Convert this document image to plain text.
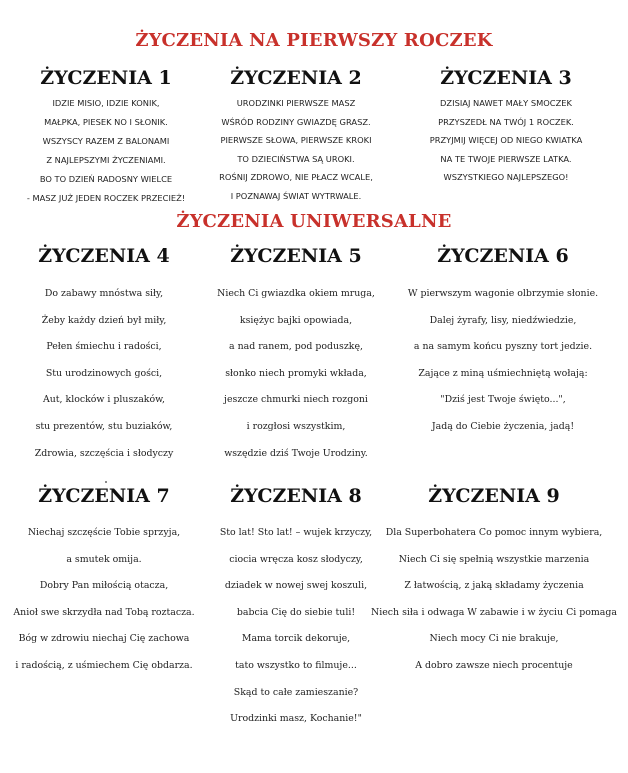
ŻYCZENIA NA PIERWSZY ROCZEK
ŻYCZENIA 1
IDZIE MISIO, IDZIE KONIK,
MAŁPKA, PIESEK NO I SŁONIK.
WSZYSCY RAZEM Z BALONAMI
Z NAJLEPSZYMI ŻYCZENIAMI.
BO TO DZIEŃ RADOSNY WIELCE
- MASZ JUŻ JEDEN ROCZEK PRZECIEŻ!
ŻYCZENIA 2
URODZINKI PIERWSZE MASZ
WŚRÓD RODZINY GWIAZDĘ GRASZ.
PIERWSZE SŁOWA, PIERWSZE KROKI
TO DZIECIŃSTWA SĄ UROKI.
ROŚNIJ ZDROWO, NIE PŁACZ WCALE,
I POZNAWAJ ŚWIAT WYTRWALE.
ŻYCZENIA 3
DZISIAJ NAWET MAŁY SMOCZEK
PRZYSZEDŁ NA TWÓJ 1 ROCZEK.
PRZYJMIJ WIĘCEJ OD NIEGO KWIATKA
NA TE TWOJE PIERWSZE LATKA.
WSZYSTKIEGO NAJLEPSZEGO!
ŻYCZENIA UNIWERSALNE
ŻYCZENIA 4
Do zabawy mnóstwa siły,
Żeby każdy dzień był miły,
Pełen śmiechu i radości,
Stu urodzinowych gości,
Aut, klocków i pluszaków,
stu prezentów, stu buziaków,
Zdrowia, szczęścia i słodyczy
ŻYCZENIA 5
Niech Ci gwiazdka okiem mruga,
księżyc bajki opowiada,
a nad ranem, pod poduszkę,
słonko niech promyki wkłada,
jeszcze chmurki niech rozgoni
i rozgłosi wszystkim,
wszędzie dziś Twoje Urodziny.
ŻYCZENIA 6
W pierwszym wagonie olbrzymie słonie.
Dalej żyrafy, lisy, niedźwiedzie,
a na samym końcu pyszny tort jedzie.
Zające z miną uśmiechniętą wołają:
"Dziś jest Twoje święto...",
Jadą do Ciebie życzenia, jadą!
ŻYCZENIA 7
Niechaj szczęście Tobie sprzyja,
a smutek omija.
Dobry Pan miłością otacza,
Anioł swe skrzydła nad Tobą roztacza.
Bóg w zdrowiu niechaj Cię zachowa
i radością, z uśmiechem Cię obdarza.
ŻYCZENIA 8
Sto lat! Sto lat! – wujek krzyczy,
ciocia wręcza kosz słodyczy,
dziadek w nowej swej koszuli,
babcia Cię do siebie tuli!
Mama torcik dekoruje,
tato wszystko to filmuje...
Skąd to całe zamieszanie?
Urodzinki masz, Kochanie!"
ŻYCZENIA 9
Dla Superbohatera Co pomoc innym wybiera,
Niech Ci się spełnią wszystkie marzenia
Z łatwością, z jaką składamy życzenia
Niech siła i odwaga W zabawie i w życiu Ci pomaga
Niech mocy Ci nie brakuje,
A dobro zawsze niech procentuje
